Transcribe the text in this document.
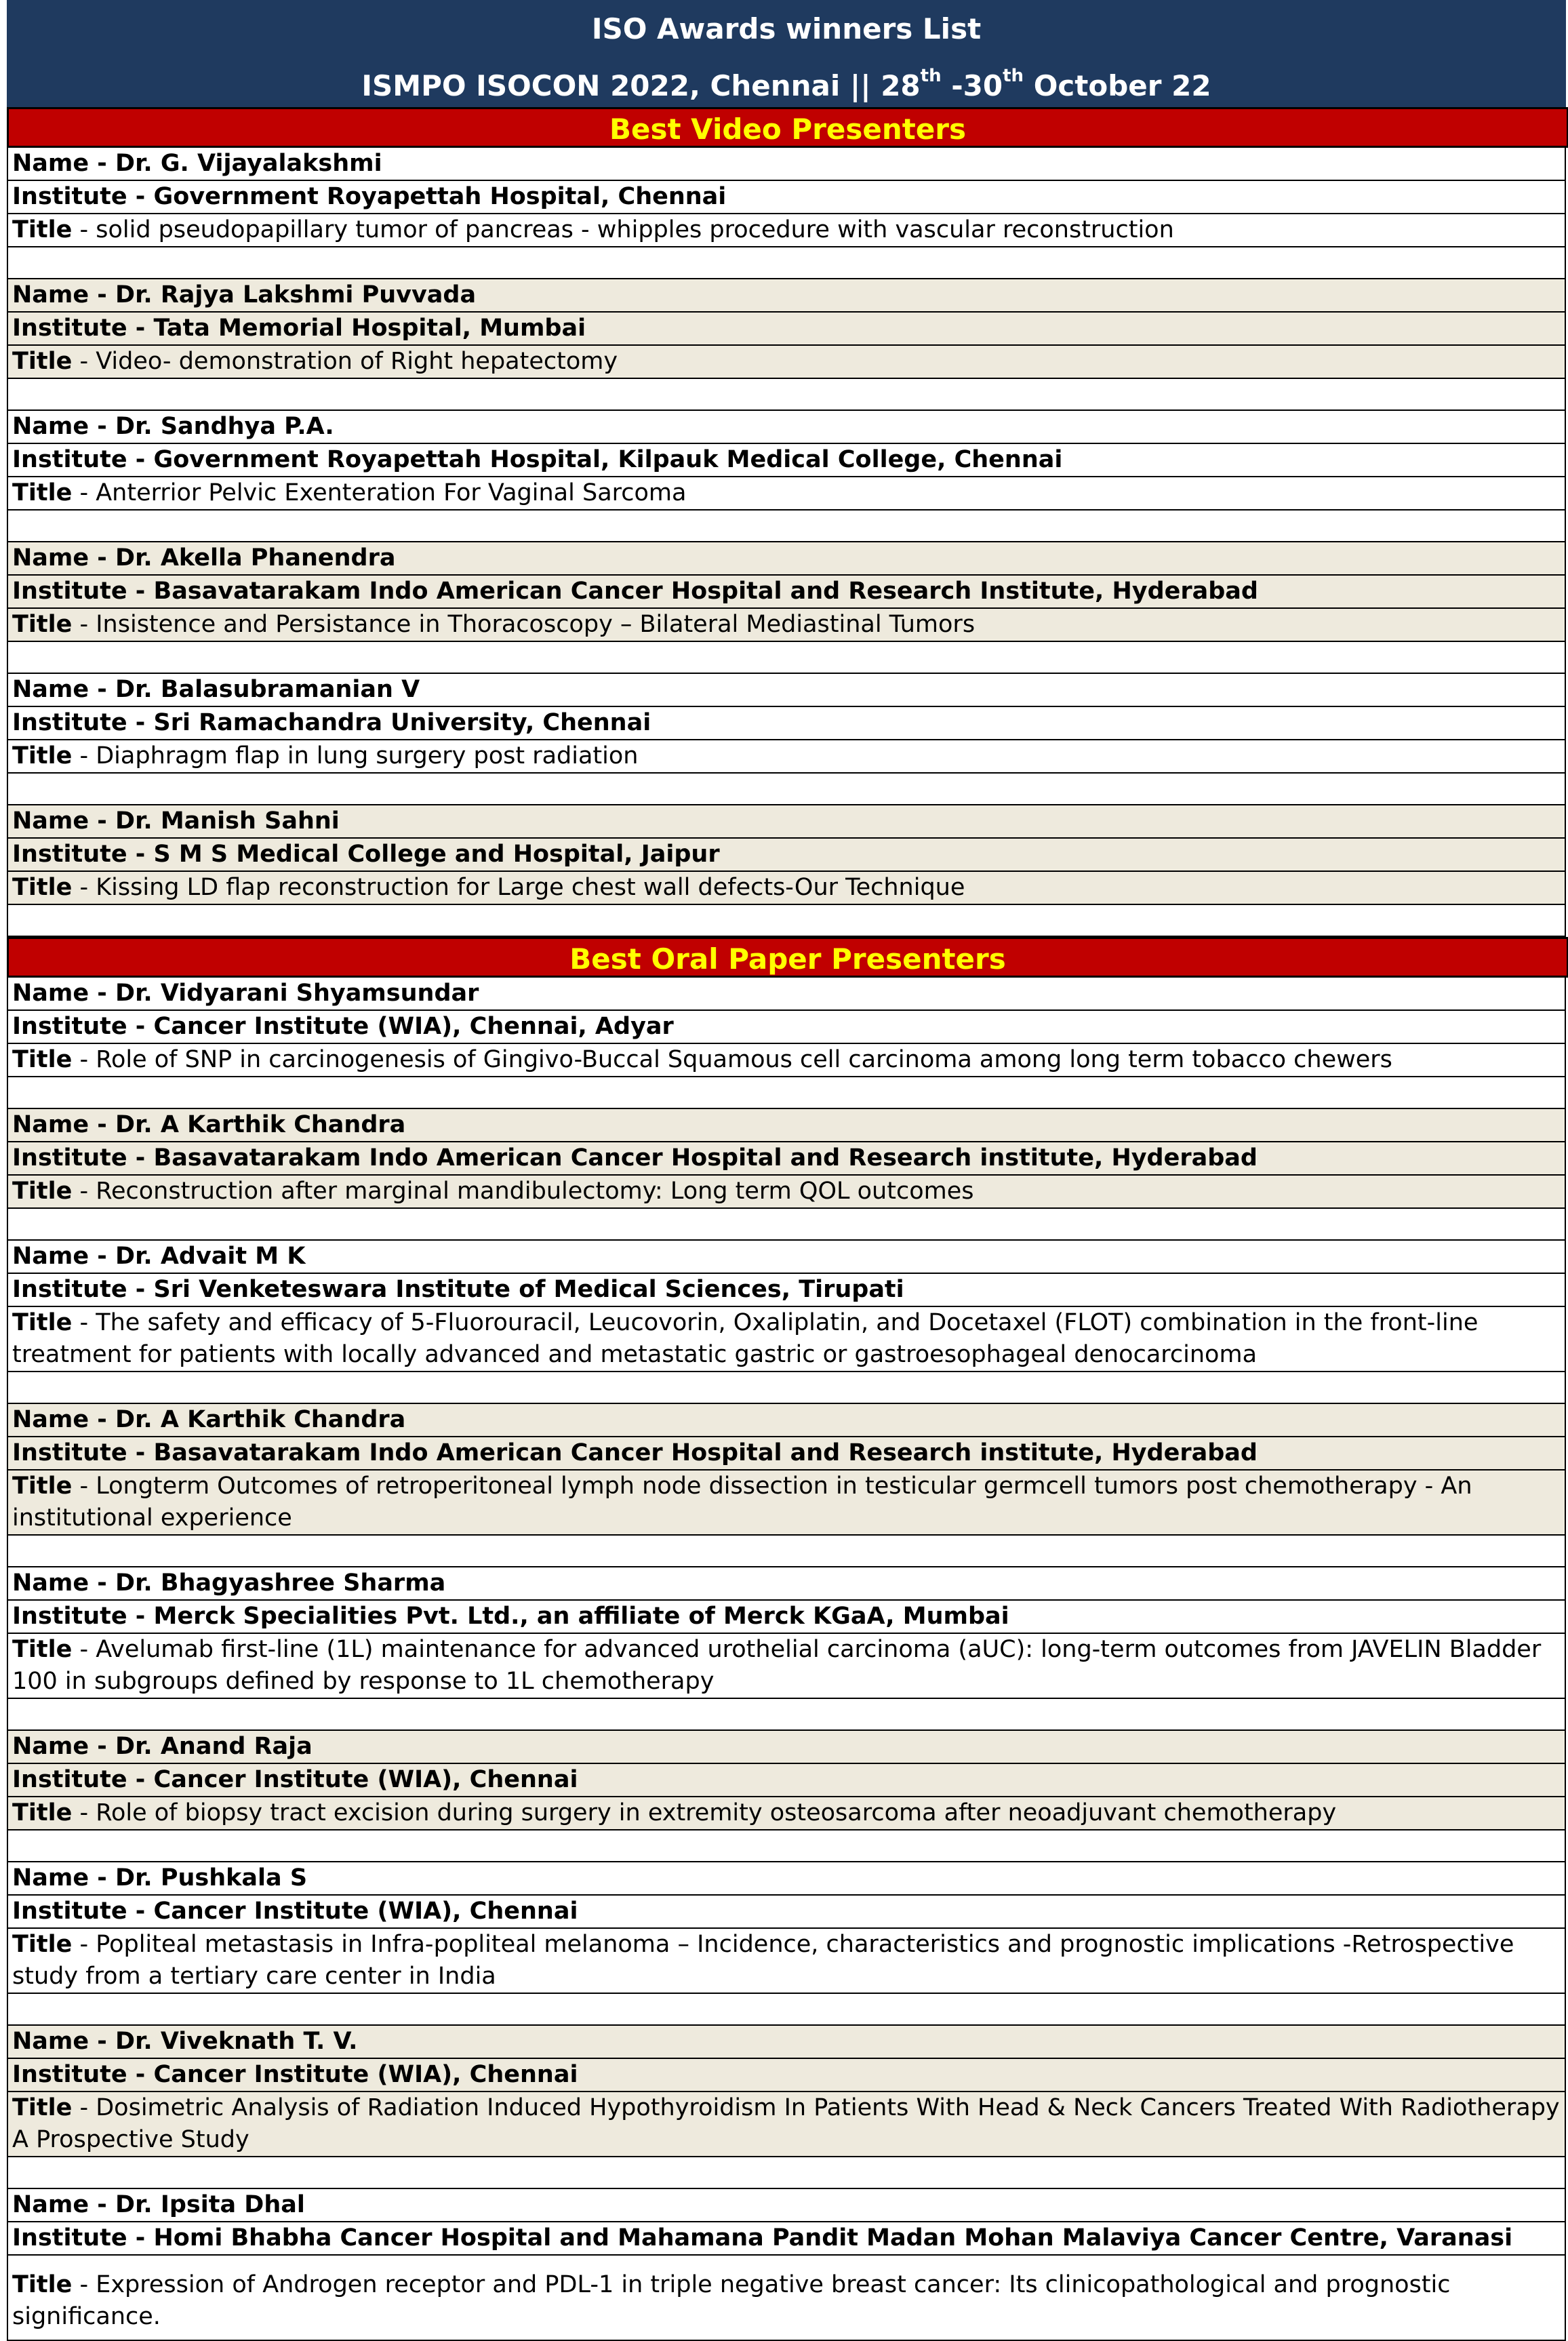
ISO Awards winners List
ISMPO ISOCON 2022, Chennai || 28th -30th October 22
Best Video Presenters
Name - Dr. G. Vijayalakshmi
Institute - Government Royapettah Hospital, Chennai
Title - solid pseudopapillary tumor of pancreas - whipples procedure with vascular reconstruction
Name - Dr. Rajya Lakshmi Puvvada
Institute - Tata Memorial Hospital, Mumbai
Title - Video- demonstration of Right hepatectomy
Name - Dr. Sandhya P.A.
Institute - Government Royapettah Hospital, Kilpauk Medical College, Chennai
Title - Anterrior Pelvic Exenteration For Vaginal Sarcoma
Name - Dr. Akella Phanendra
Institute - Basavatarakam Indo American Cancer Hospital and Research Institute, Hyderabad
Title - Insistence and Persistance in Thoracoscopy – Bilateral Mediastinal Tumors
Name - Dr. Balasubramanian V
Institute - Sri Ramachandra University, Chennai
Title - Diaphragm flap in lung surgery post radiation
Name - Dr. Manish Sahni
Institute - S M S Medical College and Hospital, Jaipur
Title - Kissing LD flap reconstruction for Large chest wall defects-Our Technique
Best Oral Paper Presenters
Name - Dr. Vidyarani Shyamsundar
Institute - Cancer Institute (WIA), Chennai, Adyar
Title - Role of SNP in carcinogenesis of Gingivo-Buccal Squamous cell carcinoma among long term tobacco chewers
Name - Dr. A Karthik Chandra
Institute - Basavatarakam Indo American Cancer Hospital and Research institute, Hyderabad
Title - Reconstruction after marginal mandibulectomy: Long term QOL outcomes
Name - Dr. Advait M K
Institute - Sri Venketeswara Institute of Medical Sciences, Tirupati
Title - The safety and efficacy of 5-Fluorouracil, Leucovorin, Oxaliplatin, and Docetaxel (FLOT) combination in the front-line treatment for patients with locally advanced and metastatic gastric or gastroesophageal denocarcinoma
Name - Dr. A Karthik Chandra
Institute - Basavatarakam Indo American Cancer Hospital and Research institute, Hyderabad
Title - Longterm Outcomes of retroperitoneal lymph node dissection in testicular germcell tumors post chemotherapy - An institutional experience
Name - Dr. Bhagyashree Sharma
Institute - Merck Specialities Pvt. Ltd., an affiliate of Merck KGaA, Mumbai
Title - Avelumab first-line (1L) maintenance for advanced urothelial carcinoma (aUC): long-term outcomes from JAVELIN Bladder 100 in subgroups defined by response to 1L chemotherapy
Name - Dr. Anand Raja
Institute - Cancer Institute (WIA), Chennai
Title - Role of biopsy tract excision during surgery in extremity osteosarcoma after neoadjuvant chemotherapy
Name - Dr. Pushkala S
Institute - Cancer Institute (WIA), Chennai
Title - Popliteal metastasis in Infra-popliteal melanoma – Incidence, characteristics and prognostic implications -Retrospective study from a tertiary care center in India
Name - Dr. Viveknath T. V.
Institute - Cancer Institute (WIA), Chennai
Title - Dosimetric Analysis of Radiation Induced Hypothyroidism In Patients With Head & Neck Cancers Treated With Radiotherapy A Prospective Study
Name - Dr. Ipsita Dhal
Institute - Homi Bhabha Cancer Hospital and Mahamana Pandit Madan Mohan Malaviya Cancer Centre, Varanasi
Title - Expression of Androgen receptor and PDL-1 in triple negative breast cancer: Its clinicopathological and prognostic significance.
